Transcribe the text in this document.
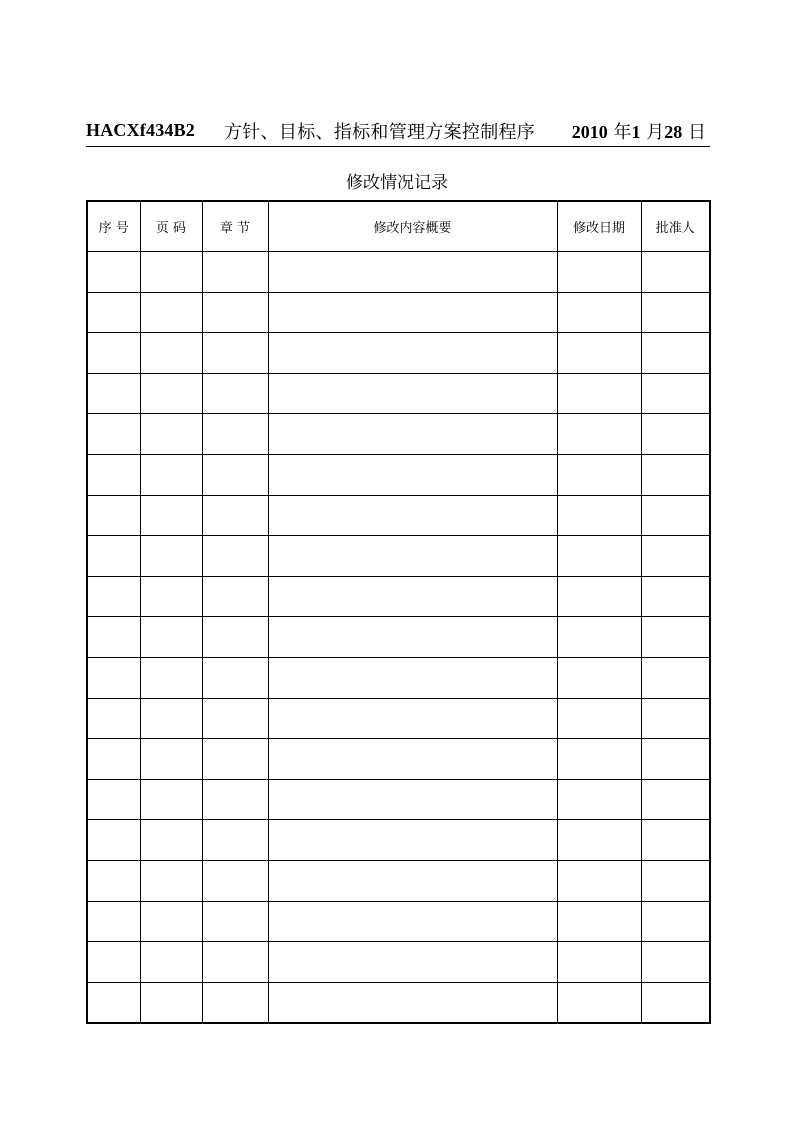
HACXf434B2 方针、目标、指标和管理方案控制程序 2010 年1 月28 日
修改情况记录
序 号	页 码	章 节	修改内容概要	修改日期	批准人
